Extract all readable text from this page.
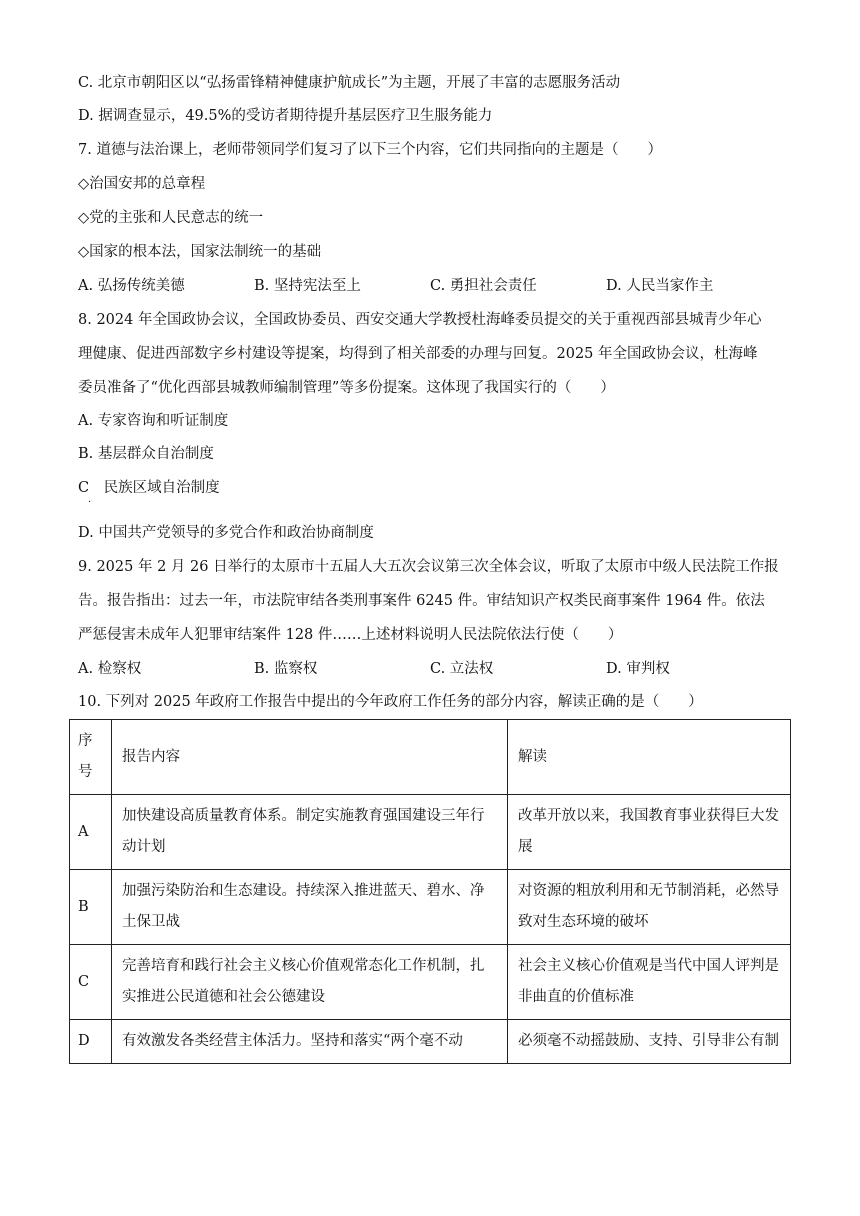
C. 北京市朝阳区以“弘扬雷锋精神健康护航成长”为主题，开展了丰富的志愿服务活动
D. 据调查显示，49.5%的受访者期待提升基层医疗卫生服务能力
7. 道德与法治课上，老师带领同学们复习了以下三个内容，它们共同指向的主题是（　　）
◇治国安邦的总章程
◇党的主张和人民意志的统一
◇国家的根本法，国家法制统一的基础
A. 弘扬传统美德	B. 坚持宪法至上	C. 勇担社会责任	D. 人民当家作主
8. 2024 年全国政协会议，全国政协委员、西安交通大学教授杜海峰委员提交的关于重视西部县城青少年心
理健康、促进西部数字乡村建设等提案，均得到了相关部委的办理与回复。2025 年全国政协会议，杜海峰
委员准备了“优化西部县城教师编制管理”等多份提案。这体现了我国实行的（　　）
A. 专家咨询和听证制度
B. 基层群众自治制度
C　民族区域自治制度
·
D. 中国共产党领导的多党合作和政治协商制度
9. 2025 年 2 月 26 日举行的太原市十五届人大五次会议第三次全体会议，听取了太原市中级人民法院工作报
告。报告指出：过去一年，市法院审结各类刑事案件 6245 件。审结知识产权类民商事案件 1964 件。依法
严惩侵害未成年人犯罪审结案件 128 件……上述材料说明人民法院依法行使（　　）
A. 检察权	B. 监察权	C. 立法权	D. 审判权
10. 下列对 2025 年政府工作报告中提出的今年政府工作任务的部分内容，解读正确的是（　　）
序号	报告内容	解读
A	加快建设高质量教育体系。制定实施教育强国建设三年行动计划	改革开放以来，我国教育事业获得巨大发展
B	加强污染防治和生态建设。持续深入推进蓝天、碧水、净土保卫战	对资源的粗放利用和无节制消耗，必然导致对生态环境的破坏
C	完善培育和践行社会主义核心价值观常态化工作机制，扎实推进公民道德和社会公德建设	社会主义核心价值观是当代中国人评判是非曲直的价值标准
D	有效激发各类经营主体活力。坚持和落实“两个毫不动	必须毫不动摇鼓励、支持、引导非公有制
